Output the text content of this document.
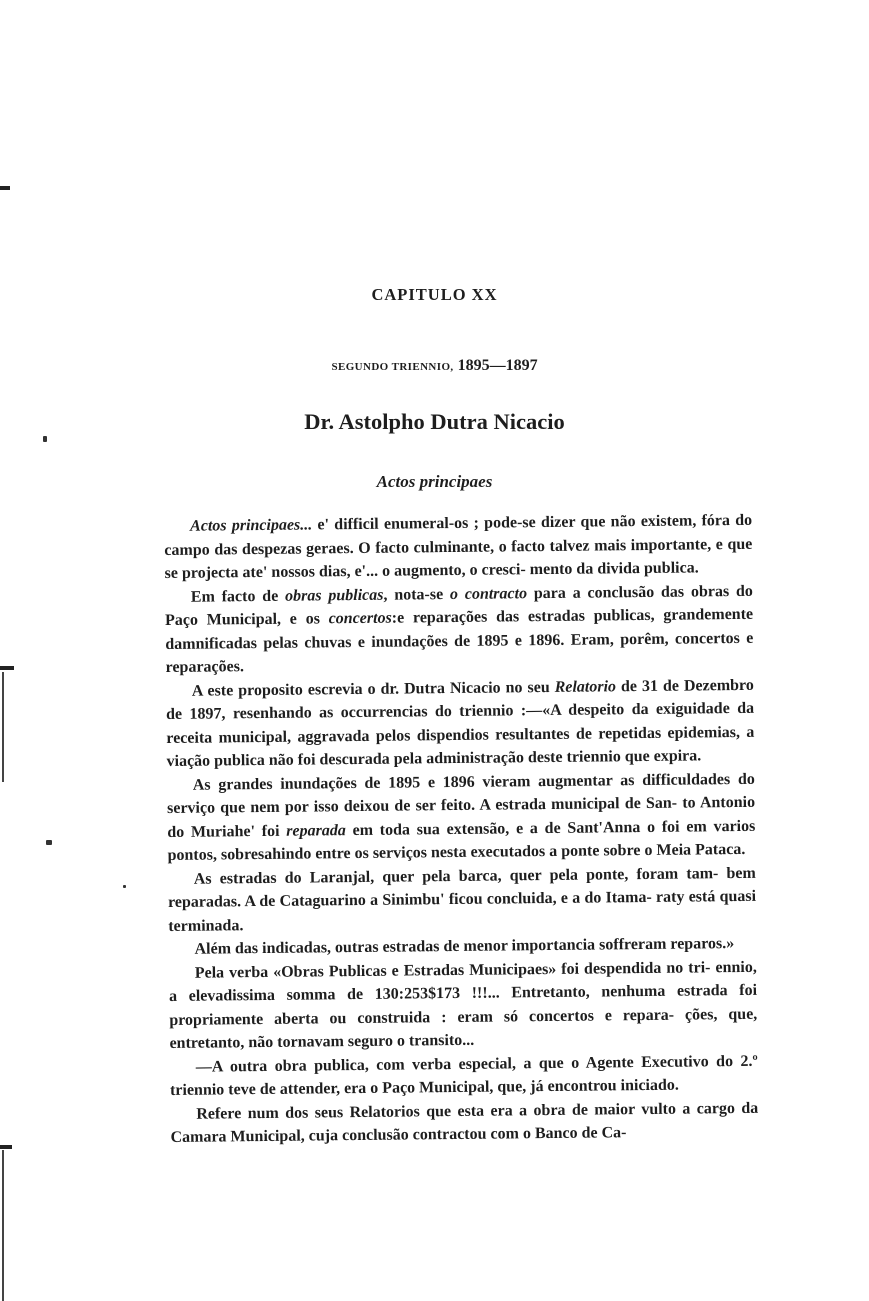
CAPITULO XX
SEGUNDO TRIENNIO, 1895—1897
Dr. Astolpho Dutra Nicacio
Actos principaes

Actos principaes... e' difficil enumeral-os ; pode-se dizer que não existem, fóra do campo das despezas geraes. O facto culminante, o facto talvez mais importante, e que se projecta ate' nossos dias, e'... o augmento, o cresci- mento da divida publica.

Em facto de obras publicas, nota-se o contracto para a conclusão das obras do Paço Municipal, e os concertos:e reparações das estradas publicas, grandemente damnificadas pelas chuvas e inundações de 1895 e 1896. Eram, porêm, concertos e reparações.

A este proposito escrevia o dr. Dutra Nicacio no seu Relatorio de 31 de Dezembro de 1897, resenhando as occurrencias do triennio :—«A despeito da exiguidade da receita municipal, aggravada pelos dispendios resultantes de repetidas epidemias, a viação publica não foi descurada pela administração deste triennio que expira.

As grandes inundações de 1895 e 1896 vieram augmentar as difficuldades do serviço que nem por isso deixou de ser feito. A estrada municipal de San- to Antonio do Muriahe' foi reparada em toda sua extensão, e a de Sant'Anna o foi em varios pontos, sobresahindo entre os serviços nesta executados a ponte sobre o Meia Pataca.

As estradas do Laranjal, quer pela barca, quer pela ponte, foram tam- bem reparadas. A de Cataguarino a Sinimbu' ficou concluida, e a do Itama- raty está quasi terminada.

Além das indicadas, outras estradas de menor importancia soffreram reparos.»

Pela verba «Obras Publicas e Estradas Municipaes» foi despendida no tri- ennio, a elevadissima somma de 130:253$173 !!!... Entretanto, nenhuma estrada foi propriamente aberta ou construida : eram só concertos e repara- ções, que, entretanto, não tornavam seguro o transito...

—A outra obra publica, com verba especial, a que o Agente Executivo do 2.º triennio teve de attender, era o Paço Municipal, que, já encontrou iniciado.

Refere num dos seus Relatorios que esta era a obra de maior vulto a cargo da Camara Municipal, cuja conclusão contractou com o Banco de Ca-
